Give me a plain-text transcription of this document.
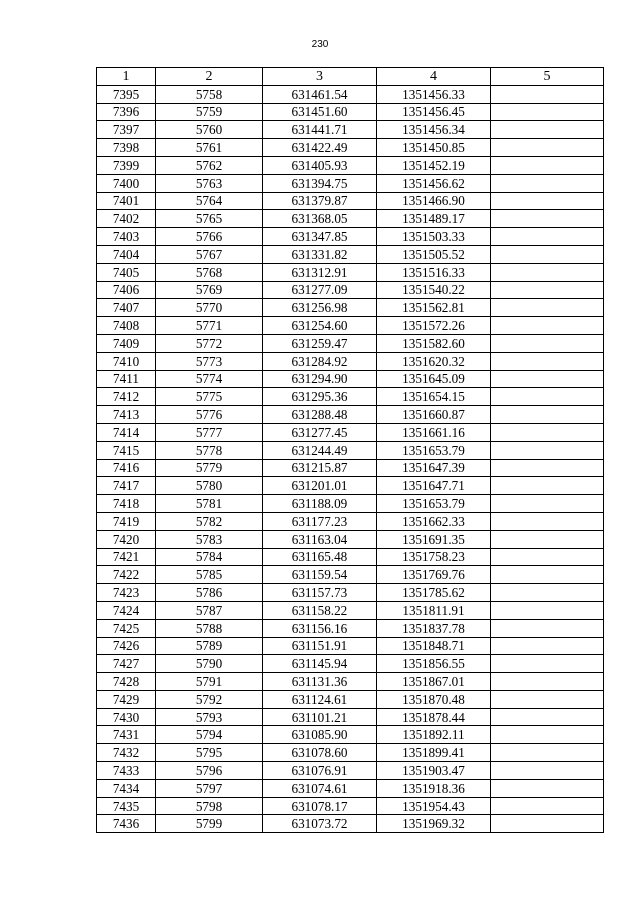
230
1	2	3	4	5
7395	5758	631461.54	1351456.33	
7396	5759	631451.60	1351456.45	
7397	5760	631441.71	1351456.34	
7398	5761	631422.49	1351450.85	
7399	5762	631405.93	1351452.19	
7400	5763	631394.75	1351456.62	
7401	5764	631379.87	1351466.90	
7402	5765	631368.05	1351489.17	
7403	5766	631347.85	1351503.33	
7404	5767	631331.82	1351505.52	
7405	5768	631312.91	1351516.33	
7406	5769	631277.09	1351540.22	
7407	5770	631256.98	1351562.81	
7408	5771	631254.60	1351572.26	
7409	5772	631259.47	1351582.60	
7410	5773	631284.92	1351620.32	
7411	5774	631294.90	1351645.09	
7412	5775	631295.36	1351654.15	
7413	5776	631288.48	1351660.87	
7414	5777	631277.45	1351661.16	
7415	5778	631244.49	1351653.79	
7416	5779	631215.87	1351647.39	
7417	5780	631201.01	1351647.71	
7418	5781	631188.09	1351653.79	
7419	5782	631177.23	1351662.33	
7420	5783	631163.04	1351691.35	
7421	5784	631165.48	1351758.23	
7422	5785	631159.54	1351769.76	
7423	5786	631157.73	1351785.62	
7424	5787	631158.22	1351811.91	
7425	5788	631156.16	1351837.78	
7426	5789	631151.91	1351848.71	
7427	5790	631145.94	1351856.55	
7428	5791	631131.36	1351867.01	
7429	5792	631124.61	1351870.48	
7430	5793	631101.21	1351878.44	
7431	5794	631085.90	1351892.11	
7432	5795	631078.60	1351899.41	
7433	5796	631076.91	1351903.47	
7434	5797	631074.61	1351918.36	
7435	5798	631078.17	1351954.43	
7436	5799	631073.72	1351969.32	
